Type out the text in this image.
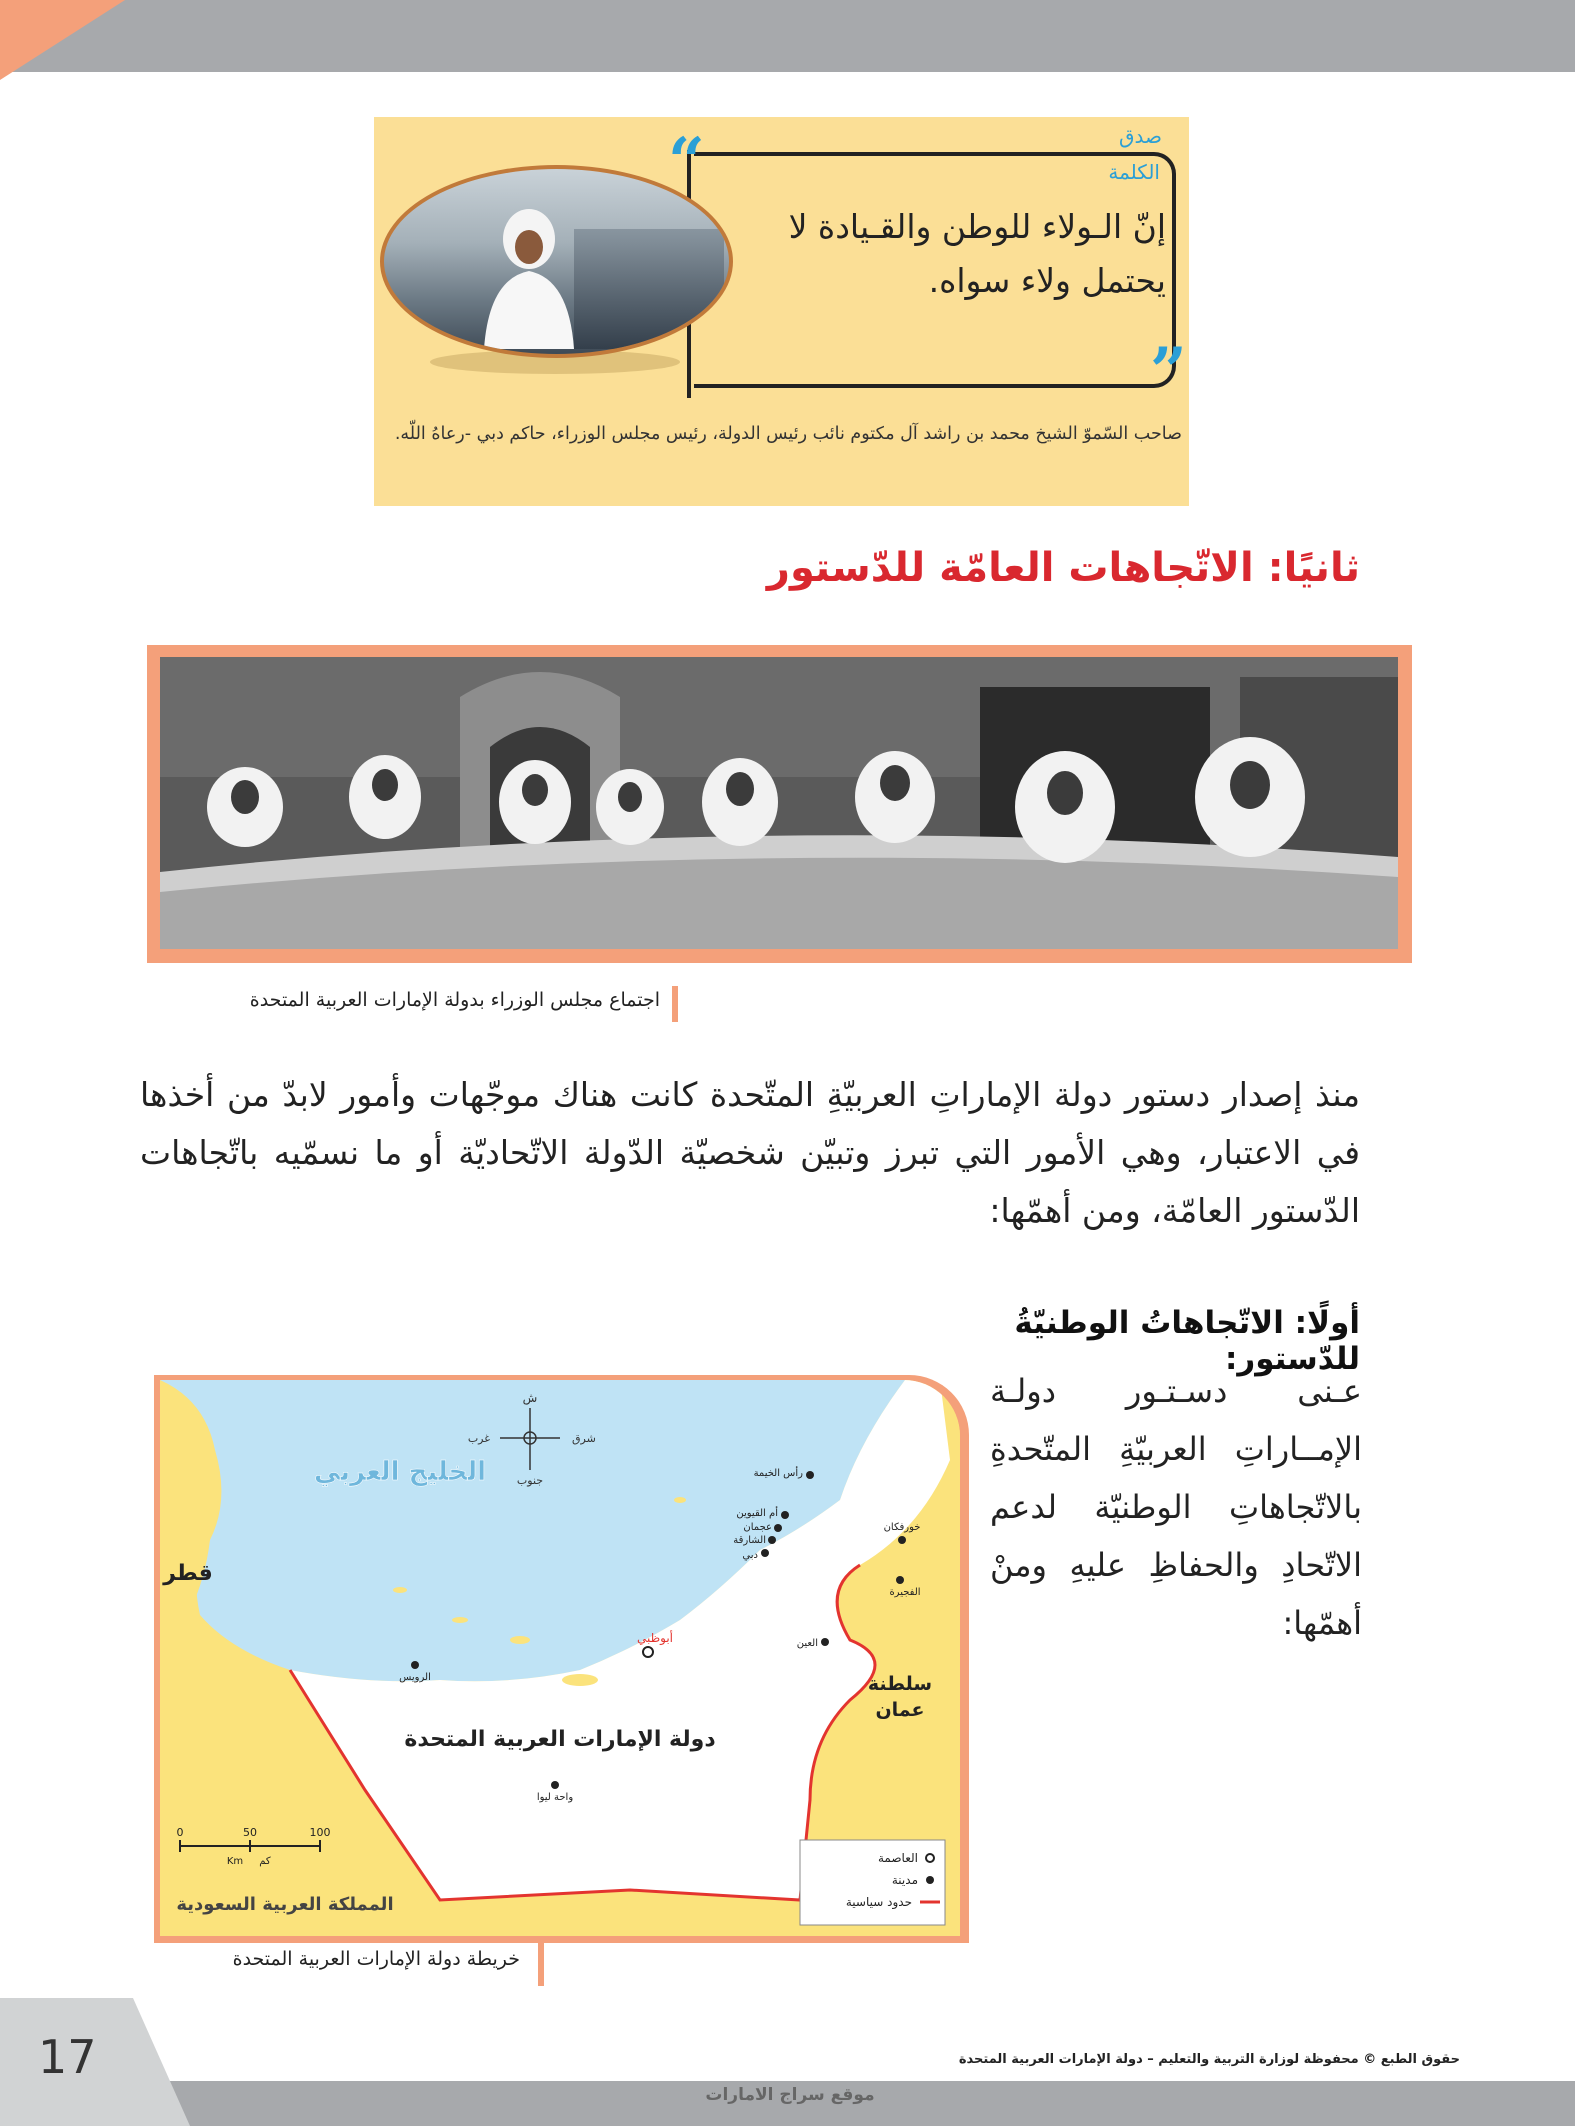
“
”
صدق
الكلمة
إنّ الـولاء للوطن والقـيادة لا يحتمل ولاء سواه.
صاحب السّموّ الشيخ محمد بن راشد آل مكتوم نائب رئيس الدولة، رئيس مجلس الوزراء، حاكم دبي -رعاهُ اللّه.
ثانيًا: الاتّجاهات العامّة للدّستور
اجتماع مجلس الوزراء بدولة الإمارات العربية المتحدة
منذ إصدار دستور دولة الإماراتِ العربيّةِ المتّحدة كانت هناك موجّهات وأمور لابدّ من أخذها في الاعتبار، وهي الأمور التي تبرز وتبيّن شخصيّة الدّولة الاتّحاديّة أو ما نسمّيه باتّجاهات الدّستور العامّة، ومن أهمّها:
أولًا: الاتّجاهاتُ الوطنيّةُ للدّستور:
عـنى دسـتـور دولـة الإمــاراتِ العربيّةِ المتّحدةِ بالاتّجاهاتِ الوطنيّة لدعم الاتّحادِ والحفاظِ عليهِ ومنْ أهمّها:
ش
جنوب
شرق
غرب
الخليج العربي
قطر
سلطنة
عمان
دولة الإمارات العربية المتحدة
المملكة العربية السعودية
أبوظبي
دبي
الشارقة
عجمان
أم القيوين
رأس الخيمة
الفجيرة
العين
خورفكان
الرويس
واحة ليوا
0	50	100
Km كم	العاصمة
مدينة
حدود سياسية
خريطة دولة الإمارات العربية المتحدة
17	حقوق الطبع © محفوظة لوزارة التربية والتعليم – دولة الإمارات العربية المتحدة
موقع سراج الامارات
